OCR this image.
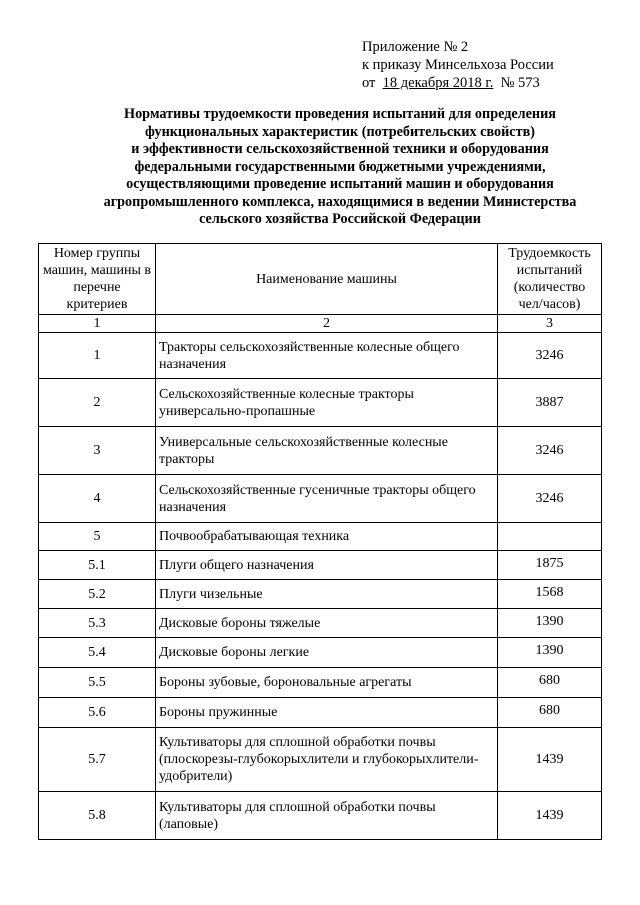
Приложение № 2
к приказу Минсельхоза России
от 18 декабря 2018 г. № 573
Нормативы трудоемкости проведения испытаний для определения
функциональных характеристик (потребительских свойств)
и эффективности сельскохозяйственной техники и оборудования
федеральными государственными бюджетными учреждениями,
осуществляющими проведение испытаний машин и оборудования
агропромышленного комплекса, находящимися в ведении Министерства
сельского хозяйства Российской Федерации
Номер группы машин, машины в перечне критериев	Наименование машины	Трудоемкость испытаний (количество чел/часов)
1	2	3
1	Тракторы сельскохозяйственные колесные общего назначения	3246
2	Сельскохозяйственные колесные тракторы универсально-пропашные	3887
3	Универсальные сельскохозяйственные колесные тракторы	3246
4	Сельскохозяйственные гусеничные тракторы общего назначения	3246
5	Почвообрабатывающая техника	
5.1	Плуги общего назначения	1875
5.2	Плуги чизельные	1568
5.3	Дисковые бороны тяжелые	1390
5.4	Дисковые бороны легкие	1390
5.5	Бороны зубовые, бороновальные агрегаты	680
5.6	Бороны пружинные	680
5.7	Культиваторы для сплошной обработки почвы (плоскорезы-глубокорыхлители и глубокорыхлители-удобрители)	1439
5.8	Культиваторы для сплошной обработки почвы (лаповые)	1439
